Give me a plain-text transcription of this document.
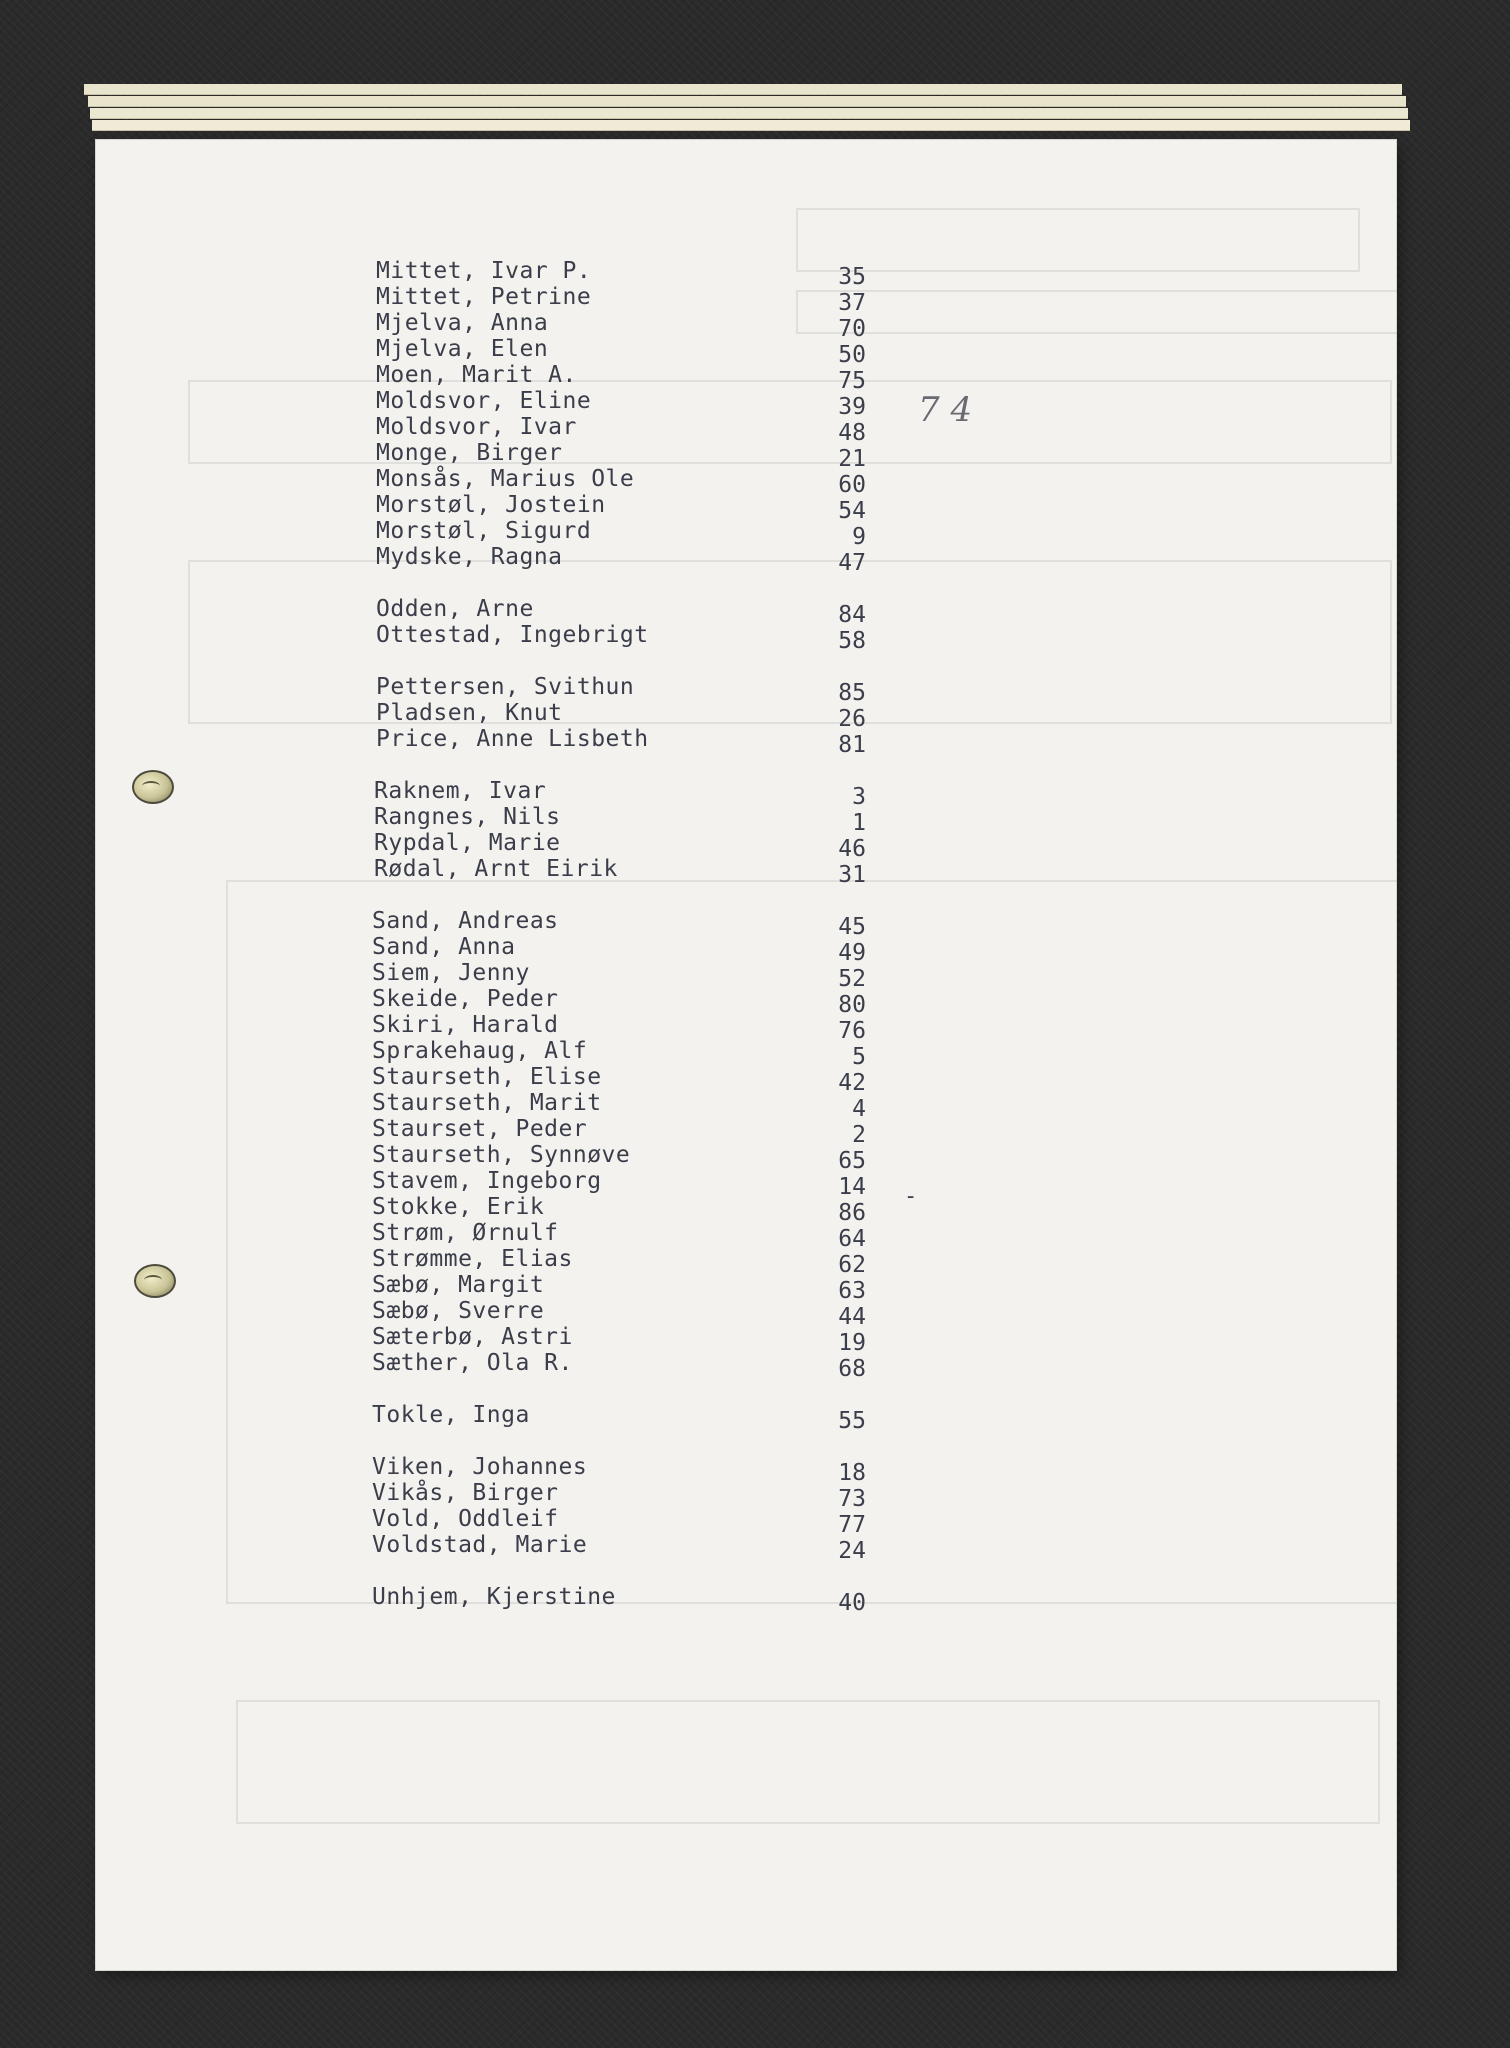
7 4
-
Mittet, Ivar P.	35
Mittet, Petrine	37
Mjelva, Anna	70
Mjelva, Elen	50
Moen, Marit A.	75
Moldsvor, Eline	39
Moldsvor, Ivar	48
Monge, Birger	21
Monsås, Marius Ole	60
Morstøl, Jostein	54
Morstøl, Sigurd	9
Mydske, Ragna	47
Odden, Arne	84
Ottestad, Ingebrigt	58
Pettersen, Svithun	85
Pladsen, Knut	26
Price, Anne Lisbeth	81
Raknem, Ivar	3
Rangnes, Nils	1
Rypdal, Marie	46
Rødal, Arnt Eirik	31
Sand, Andreas	45
Sand, Anna	49
Siem, Jenny	52
Skeide, Peder	80
Skiri, Harald	76
Sprakehaug, Alf	5
Staurseth, Elise	42
Staurseth, Marit	4
Staurset, Peder	2
Staurseth, Synnøve	65
Stavem, Ingeborg	14
Stokke, Erik	86
Strøm, Ørnulf	64
Strømme, Elias	62
Sæbø, Margit	63
Sæbø, Sverre	44
Sæterbø, Astri	19
Sæther, Ola R.	68
Tokle, Inga	55
Viken, Johannes	18
Vikås, Birger	73
Vold, Oddleif	77
Voldstad, Marie	24
Unhjem, Kjerstine	40
